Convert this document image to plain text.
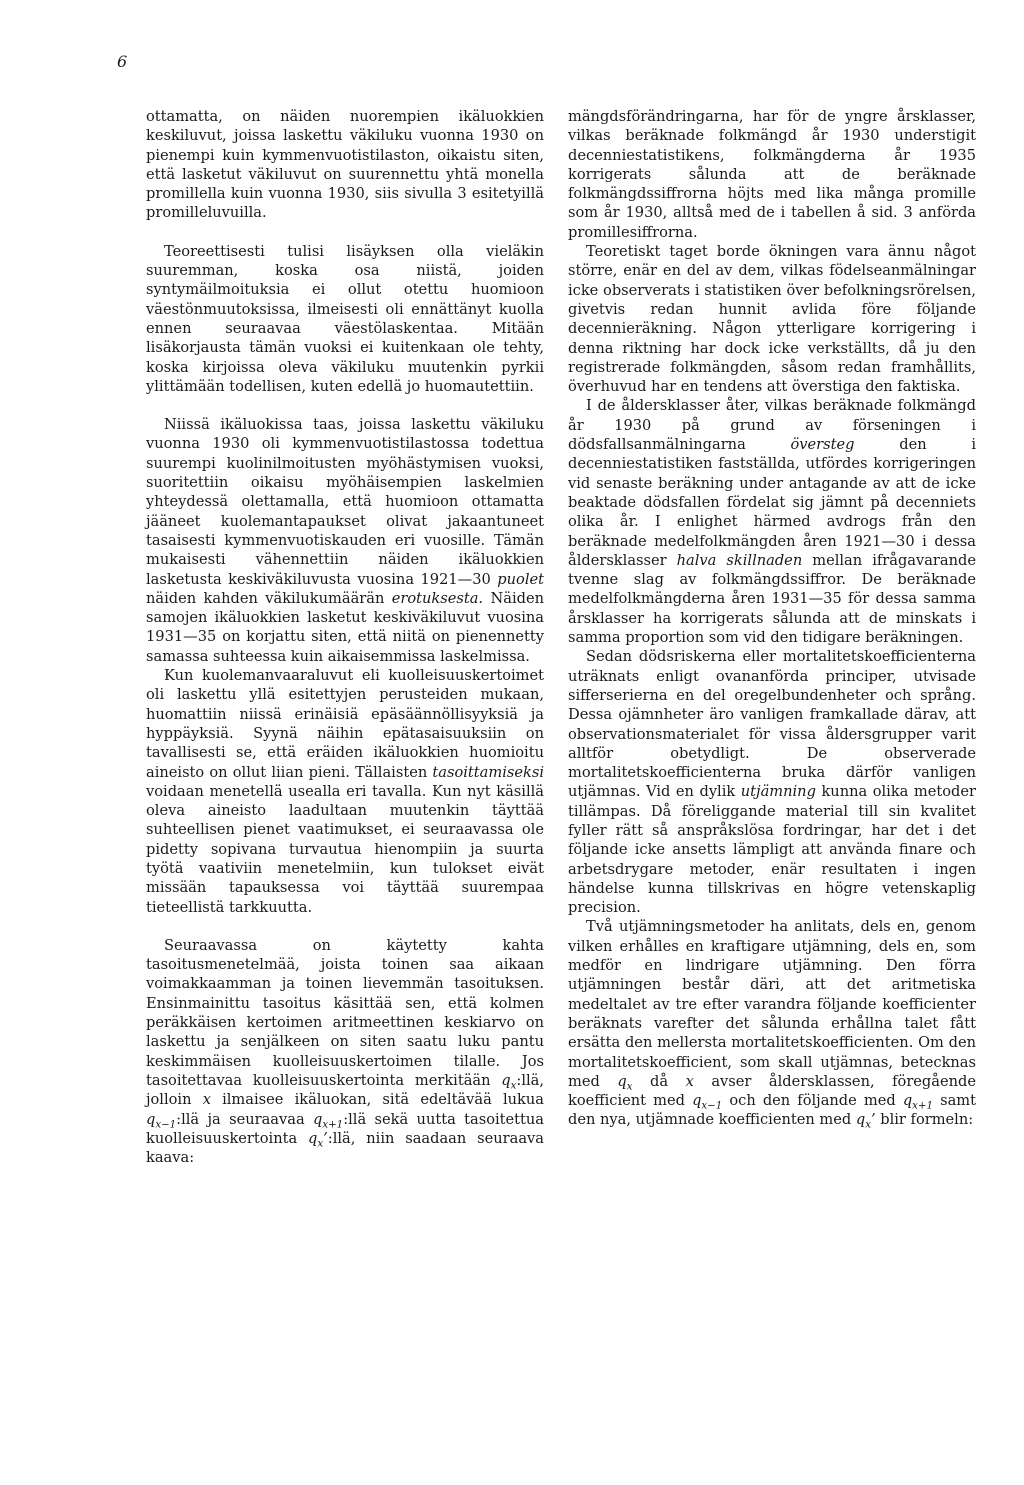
6

ottamatta, on näiden nuorempien ikäluokkien keskiluvut, joissa laskettu väkiluku vuonna 1930 on pienempi kuin kymmenvuotistilaston, oikaistu siten, että lasketut väkiluvut on suurennettu yhtä monella promillella kuin vuonna 1930, siis sivulla 3 esitetyillä promilleluvuilla.

Teoreettisesti tulisi lisäyksen olla vieläkin suuremman, koska osa niistä, joiden syntymäilmoituksia ei ollut otettu huomioon väestönmuutoksissa, ilmeisesti oli ennättänyt kuolla ennen seuraavaa väestölaskentaa. Mitään lisäkorjausta tämän vuoksi ei kuitenkaan ole tehty, koska kirjoissa oleva väkiluku muutenkin pyrkii ylittämään todellisen, kuten edellä jo huomautettiin.

Niissä ikäluokissa taas, joissa laskettu väkiluku vuonna 1930 oli kymmenvuotistilastossa todettua suurempi kuolinilmoitusten myöhästymisen vuoksi, suoritettiin oikaisu myöhäisempien laskelmien yhteydessä olettamalla, että huomioon ottamatta jääneet kuolemantapaukset olivat jakaantuneet tasaisesti kymmenvuotiskauden eri vuosille. Tämän mukaisesti vähennettiin näiden ikäluokkien lasketusta keskiväkiluvusta vuosina 1921—30 puolet näiden kahden väkilukumäärän erotuksesta. Näiden samojen ikäluokkien lasketut keskiväkiluvut vuosina 1931—35 on korjattu siten, että niitä on pienennetty samassa suhteessa kuin aikaisemmissa laskelmissa.

Kun kuolemanvaaraluvut eli kuolleisuuskertoimet oli laskettu yllä esitettyjen perusteiden mukaan, huomattiin niissä erinäisiä epäsäännöllisyyksiä ja hyppäyksiä. Syynä näihin epätasaisuuksiin on tavallisesti se, että eräiden ikäluokkien huomioitu aineisto on ollut liian pieni. Tällaisten tasoittamiseksi voidaan menetellä usealla eri tavalla. Kun nyt käsillä oleva aineisto laadultaan muutenkin täyttää suhteellisen pienet vaatimukset, ei seuraavassa ole pidetty sopivana turvautua hienompiin ja suurta työtä vaativiin menetelmiin, kun tulokset eivät missään tapauksessa voi täyttää suurempaa tieteellistä tarkkuutta.

Seuraavassa on käytetty kahta tasoitusmenetelmää, joista toinen saa aikaan voimakkaamman ja toinen lievemmän tasoituksen. Ensinmainittu tasoitus käsittää sen, että kolmen peräkkäisen kertoimen aritmeettinen keskiarvo on laskettu ja senjälkeen on siten saatu luku pantu keskimmäisen kuolleisuuskertoimen tilalle. Jos tasoitettavaa kuolleisuuskertointa merkitään $q_x:llä$, jolloin x ilmaisee ikäluokan, sitä edeltävää lukua $q_{x-1}:llä$ ja seuraavaa $q_{x+1}:llä$ sekä uutta tasoitettua kuolleisuuskertointa $q_x’:llä$, niin saadaan seuraava kaava:

mängdsförändringarna, har för de yngre årsklasser, vilkas beräknade folkmängd år 1930 understigit decenniestatistikens, folkmängderna år 1935 korrigerats sålunda att de beräknade folkmängdssiffrorna höjts med lika många promille som år 1930, alltså med de i tabellen å sid. 3 anförda promillesiffrorna.

Teoretiskt taget borde ökningen vara ännu något större, enär en del av dem, vilkas födelseanmälningar icke observerats i statistiken över befolkningsrörelsen, givetvis redan hunnit avlida före följande decenniеräkning. Någon ytterligare korrigering i denna riktning har dock icke verkställts, då ju den registrerade folkmängden, såsom redan framhållits, överhuvud har en tendens att överstiga den faktiska.

I de åldersklasser åter, vilkas beräknade folkmängd år 1930 på grund av förseningen i dödsfallsanmälningarna översteg den i decenniestatistiken fastställda, utfördes korrigeringen vid senaste beräkning under antagande av att de icke beaktade dödsfallen fördelat sig jämnt på decenniets olika år. I enlighet härmed avdrogs från den beräknade medelfolkmängden åren 1921—30 i dessa åldersklasser halva skillnaden mellan ifrågavarande tvenne slag av folkmängdssiffror. De beräknade medelfolkmängderna åren 1931—35 för dessa samma årsklasser ha korrigerats sålunda att de minskats i samma proportion som vid den tidigare beräkningen.

Sedan dödsriskerna eller mortalitetskoefficienterna uträknats enligt ovananförda principer, utvisade sifferserierna en del oregelbundenheter och språng. Dessa ojämnheter äro vanligen framkallade därav, att observationsmaterialet för vissa åldersgrupper varit alltför obetydligt. De observerade mortalitetskoefficienterna bruka därför vanligen utjämnas. Vid en dylik utjämning kunna olika metoder tillämpas. Då föreliggande material till sin kvalitet fyller rätt så anspråkslösa fordringar, har det i det följande icke ansetts lämpligt att använda finare och arbetsdrygare metoder, enär resultaten i ingen händelse kunna tillskrivas en högre vetenskaplig precision.

Två utjämningsmetoder ha anlitats, dels en, genom vilken erhålles en kraftigare utjämning, dels en, som medför en lindrigare utjämning. Den förra utjämningen består däri, att det aritmetiska medeltalet av tre efter varandra följande koefficienter beräknats varefter det sålunda erhållna talet fått ersätta den mellersta mortalitetskoefficienten. Om den mortalitetskoefficient, som skall utjämnas, betecknas med $q_x$ då x avser åldersklassen, föregående koefficient med $q_{x-1}$ och den följande med $q_{x+1}$ samt den nya, utjämnade koefficienten med $q_x$’ blir formeln:
